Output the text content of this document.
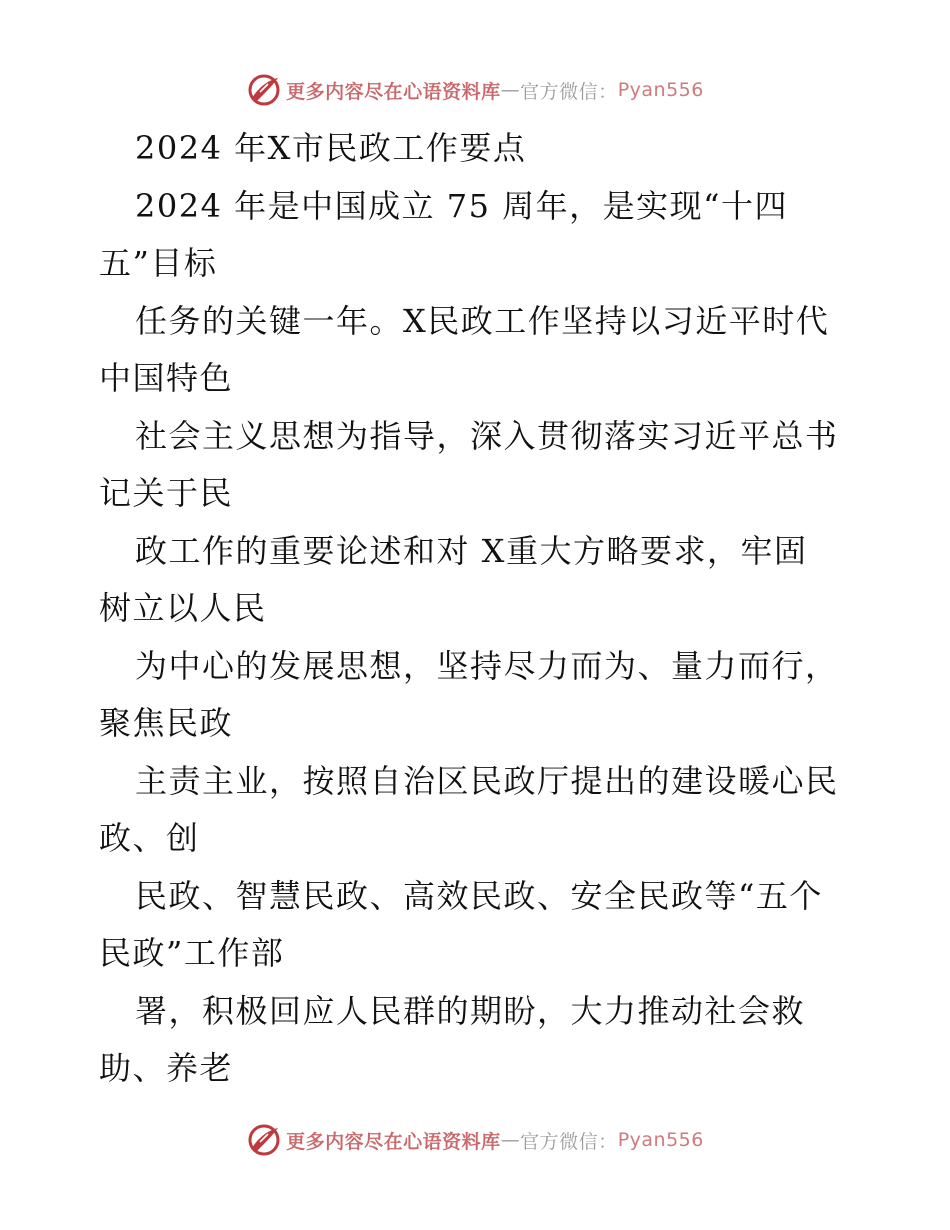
更多内容尽在心语资料库 — 官方微信： Pyan556
2024 年X市民政工作要点
2024 年是中国成立 75 周年，是实现“十四
五”目标
任务的关键一年。X民政工作坚持以习近平时代
中国特色
社会主义思想为指导，深入贯彻落实习近平总书
记关于民
政工作的重要论述和对 X重大方略要求，牢固
树立以人民
为中心的发展思想，坚持尽力而为、量力而行，
聚焦民政
主责主业，按照自治区民政厅提出的建设暖心民
政、创
民政、智慧民政、高效民政、安全民政等“五个
民政”工作部
署，积极回应人民群的期盼，大力推动社会救
助、养老
更多内容尽在心语资料库 — 官方微信： Pyan556
